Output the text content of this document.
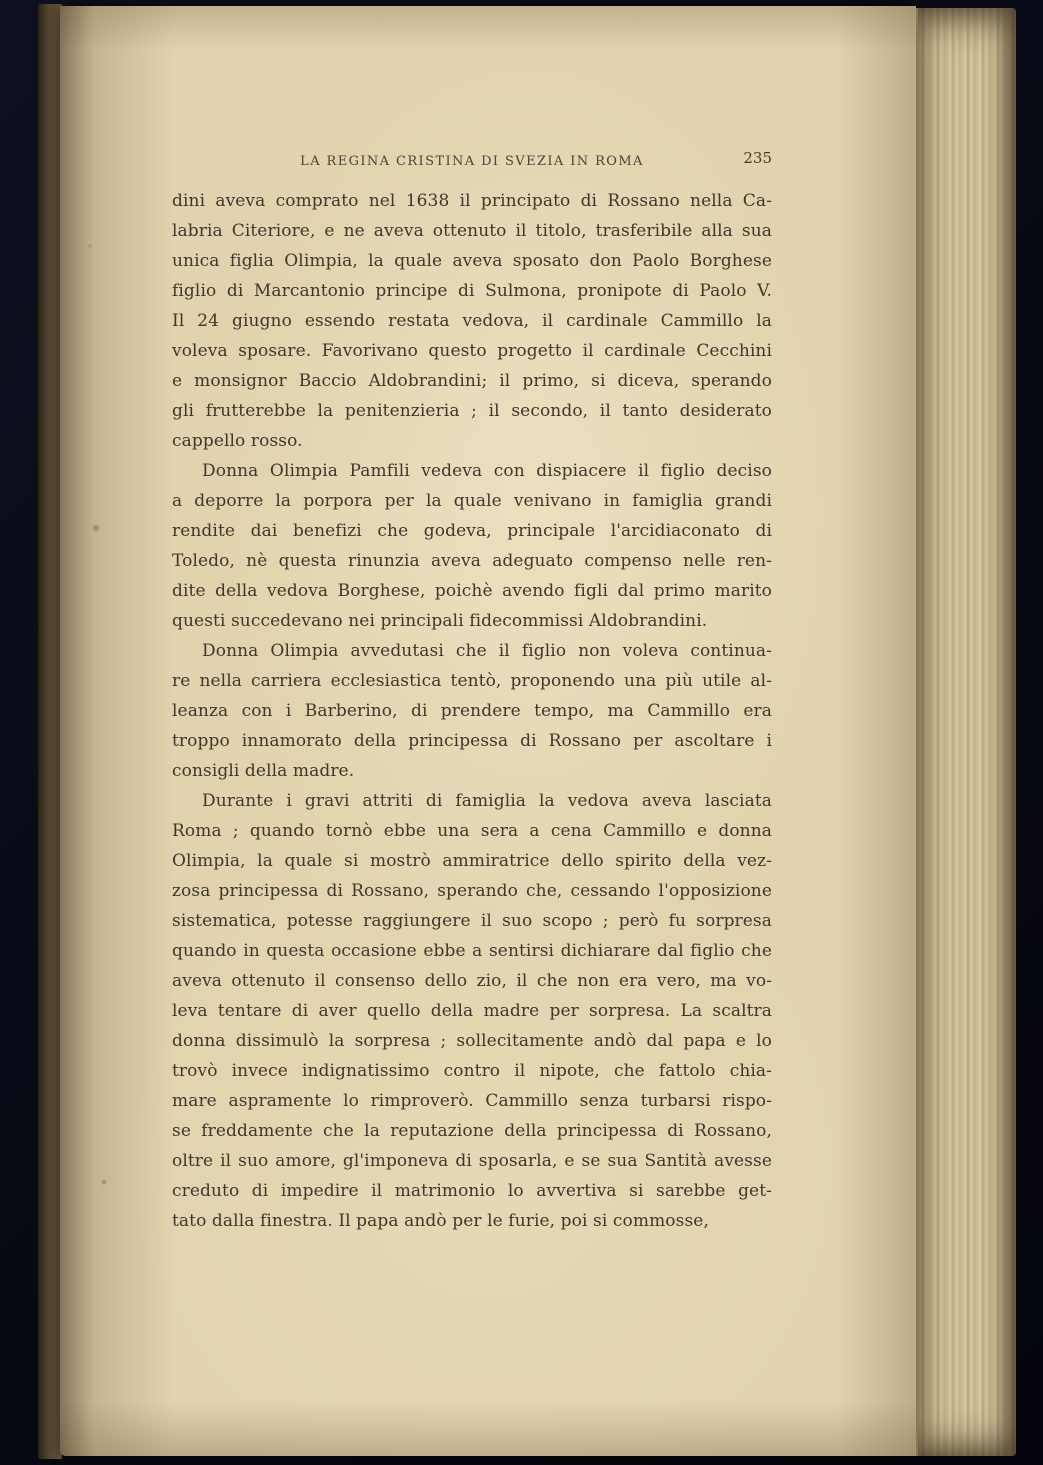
LA REGINA CRISTINA DI SVEZIA IN ROMA	235
dini aveva comprato nel 1638 il principato di Rossano nella Ca-
labria Citeriore, e ne aveva ottenuto il titolo, trasferibile alla sua
unica figlia Olimpia, la quale aveva sposato don Paolo Borghese
figlio di Marcantonio principe di Sulmona, pronipote di Paolo V.
Il 24 giugno essendo restata vedova, il cardinale Cammillo la
voleva sposare. Favorivano questo progetto il cardinale Cecchini
e monsignor Baccio Aldobrandini; il primo, si diceva, sperando
gli frutterebbe la penitenzieria ; il secondo, il tanto desiderato
cappello rosso.
Donna Olimpia Pamfili vedeva con dispiacere il figlio deciso
a deporre la porpora per la quale venivano in famiglia grandi
rendite dai benefizi che godeva, principale l'arcidiaconato di
Toledo, nè questa rinunzia aveva adeguato compenso nelle ren-
dite della vedova Borghese, poichè avendo figli dal primo marito
questi succedevano nei principali fidecommissi Aldobrandini.
Donna Olimpia avvedutasi che il figlio non voleva continua-
re nella carriera ecclesiastica tentò, proponendo una più utile al-
leanza con i Barberino, di prendere tempo, ma Cammillo era
troppo innamorato della principessa di Rossano per ascoltare i
consigli della madre.
Durante i gravi attriti di famiglia la vedova aveva lasciata
Roma ; quando tornò ebbe una sera a cena Cammillo e donna
Olimpia, la quale si mostrò ammiratrice dello spirito della vez-
zosa principessa di Rossano, sperando che, cessando l'opposizione
sistematica, potesse raggiungere il suo scopo ; però fu sorpresa
quando in questa occasione ebbe a sentirsi dichiarare dal figlio che
aveva ottenuto il consenso dello zio, il che non era vero, ma vo-
leva tentare di aver quello della madre per sorpresa. La scaltra
donna dissimulò la sorpresa ; sollecitamente andò dal papa e lo
trovò invece indignatissimo contro il nipote, che fattolo chia-
mare aspramente lo rimproverò. Cammillo senza turbarsi rispo-
se freddamente che la reputazione della principessa di Rossano,
oltre il suo amore, gl'imponeva di sposarla, e se sua Santità avesse
creduto di impedire il matrimonio lo avvertiva si sarebbe get-
tato dalla finestra. Il papa andò per le furie, poi si commosse,
